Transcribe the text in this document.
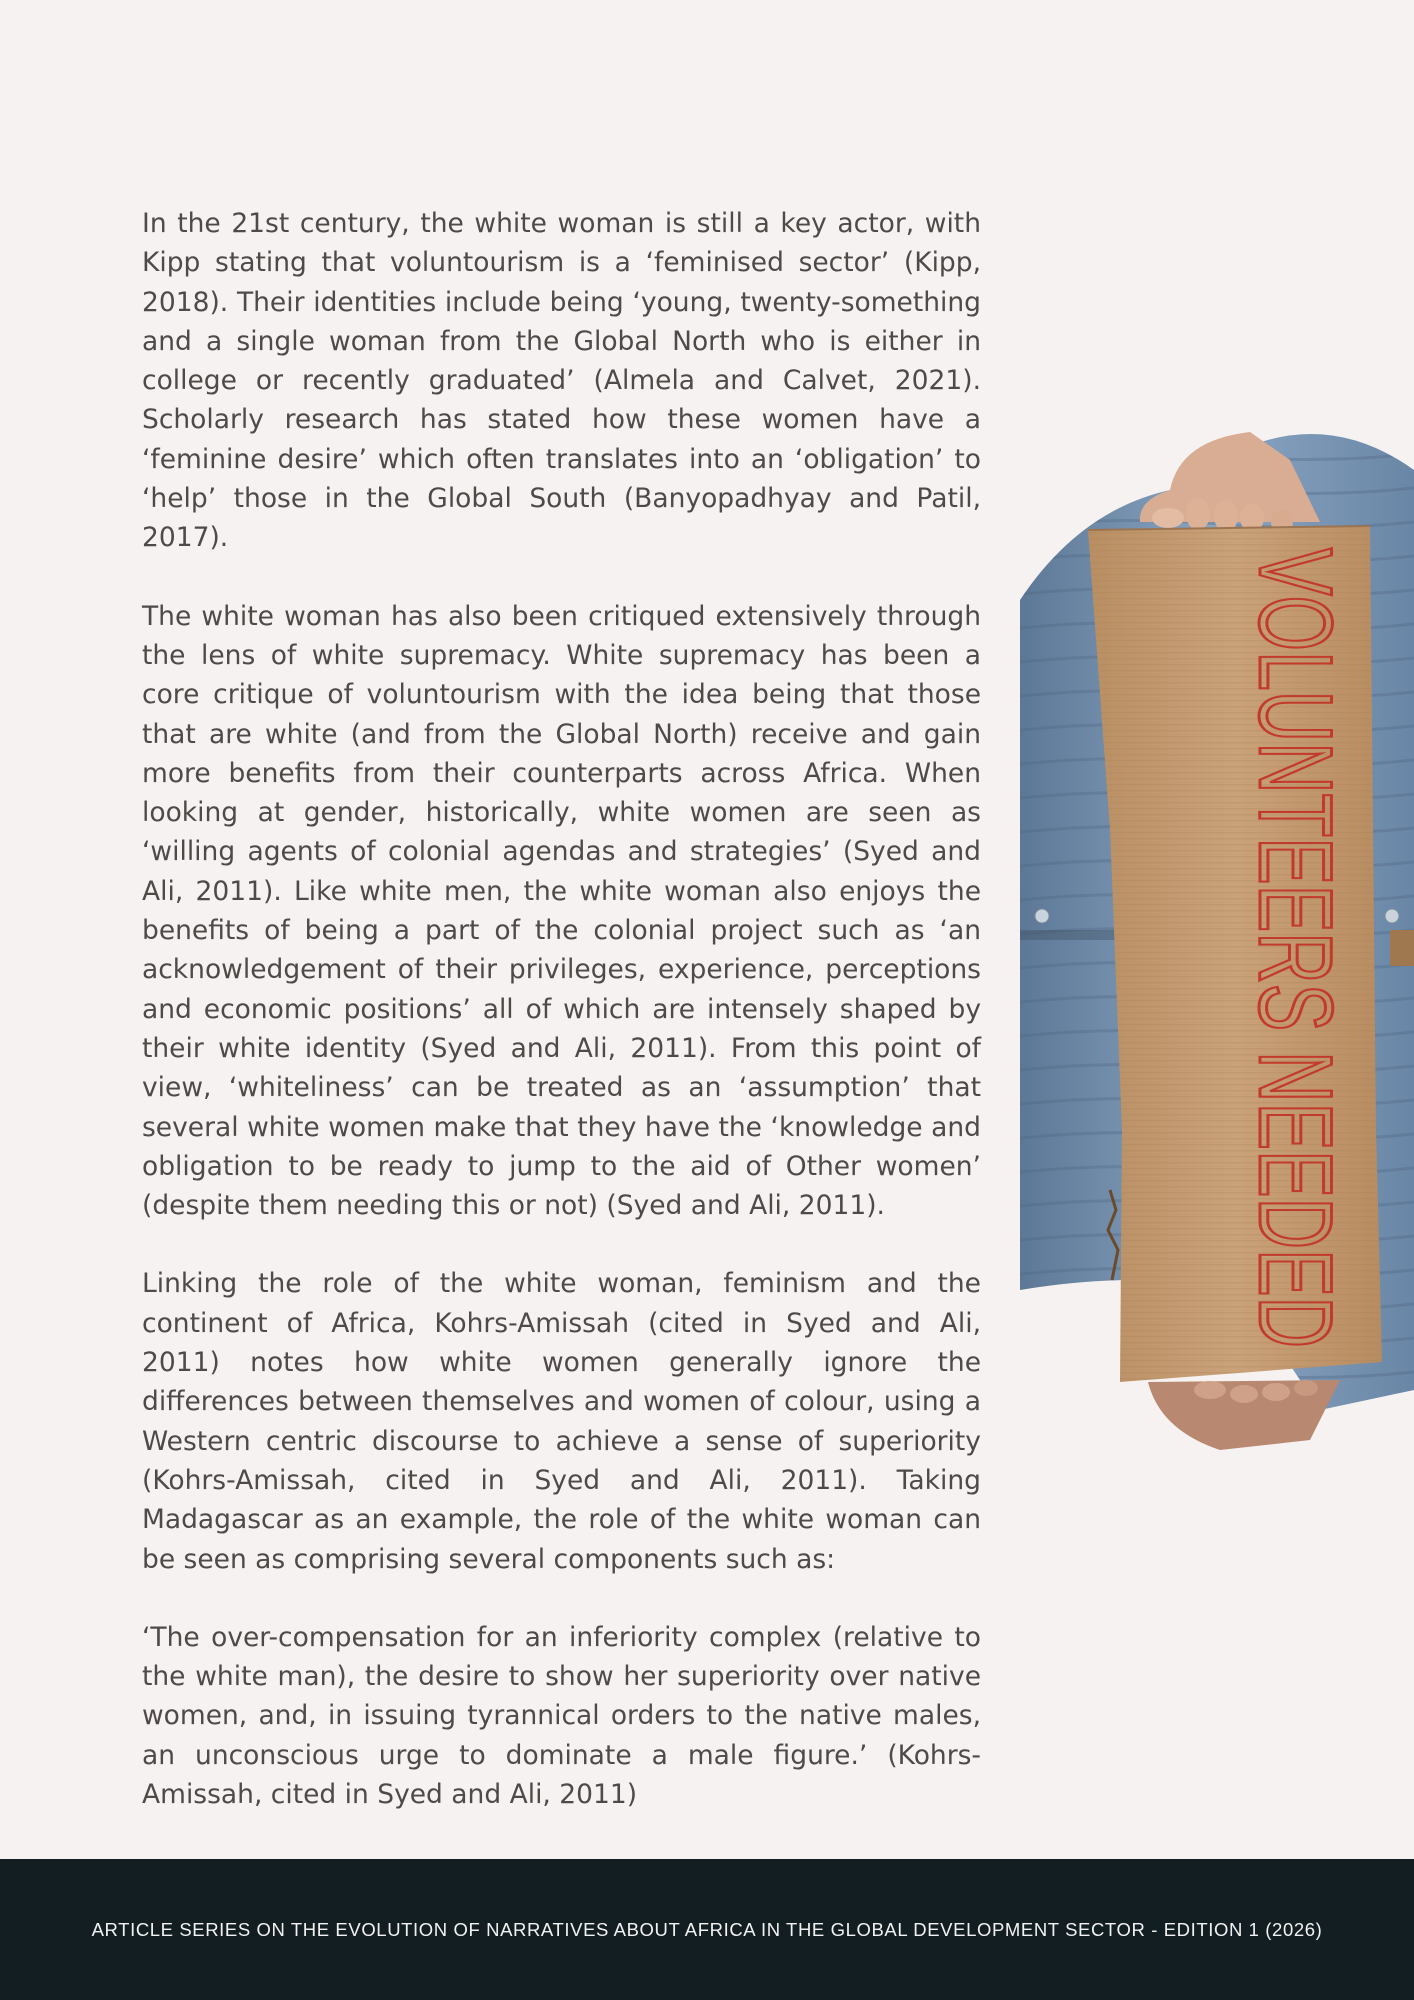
In the 21st century, the white woman is still a key actor, with Kipp stating that voluntourism is a ‘feminised sector’ (Kipp, 2018). Their identities include being ‘young, twenty-something and a single woman from the Global North who is either in college or recently graduated’ (Almela and Calvet, 2021). Scholarly research has stated how these women have a ‘feminine desire’ which often translates into an ‘obligation’ to ‘help’ those in the Global South (Banyopadhyay and Patil, 2017).

The white woman has also been critiqued extensively through the lens of white supremacy. White supremacy has been a core critique of voluntourism with the idea being that those that are white (and from the Global North) receive and gain more benefits from their counterparts across Africa. When looking at gender, historically, white women are seen as ‘willing agents of colonial agendas and strategies’ (Syed and Ali, 2011). Like white men, the white woman also enjoys the benefits of being a part of the colonial project such as ‘an acknowledgement of their privileges, experience, perceptions and economic positions’ all of which are intensely shaped by their white identity (Syed and Ali, 2011). From this point of view, ‘whiteliness’ can be treated as an ‘assumption’ that several white women make that they have the ‘knowledge and obligation to be ready to jump to the aid of Other women’ (despite them needing this or not) (Syed and Ali, 2011).

Linking the role of the white woman, feminism and the continent of Africa, Kohrs-Amissah (cited in Syed and Ali, 2011) notes how white women generally ignore the differences between themselves and women of colour, using a Western centric discourse to achieve a sense of superiority (Kohrs-Amissah, cited in Syed and Ali, 2011). Taking Madagascar as an example, the role of the white woman can be seen as comprising several components such as:

‘The over-compensation for an inferiority complex (relative to the white man), the desire to show her superiority over native women, and, in issuing tyrannical orders to the native males, an unconscious urge to dominate a male figure.’ (Kohrs-Amissah, cited in Syed and Ali, 2011)

VOLUNTEERS NEEDED
ARTICLE SERIES ON THE EVOLUTION OF NARRATIVES ABOUT AFRICA IN THE GLOBAL DEVELOPMENT SECTOR - EDITION 1 (2026)
